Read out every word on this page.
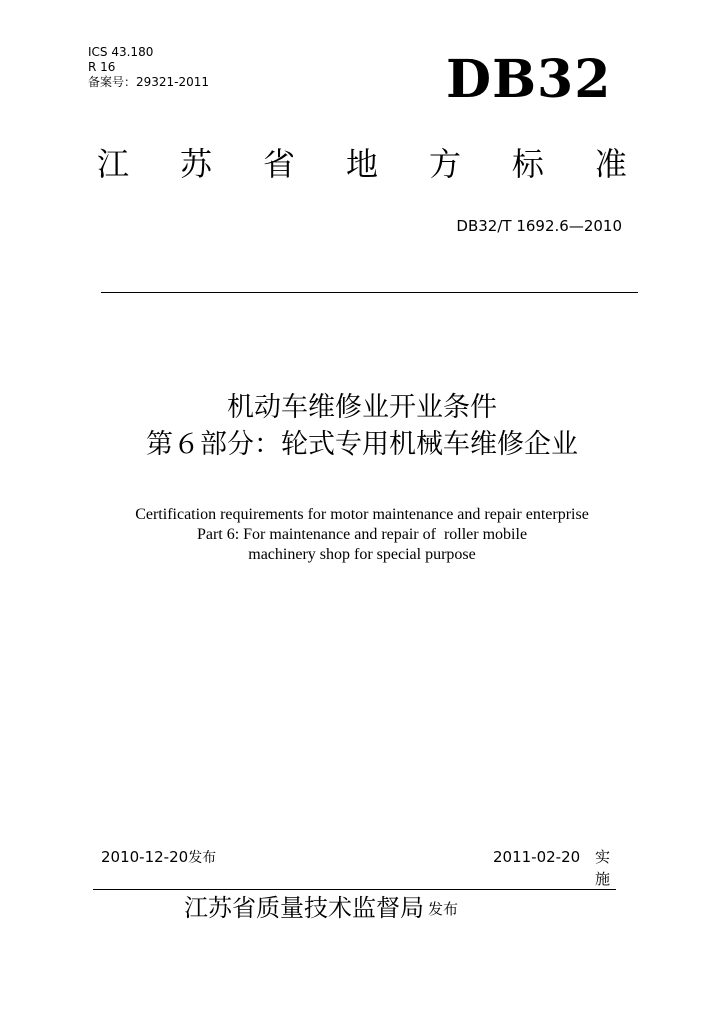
ICS 43.180
R 16
备案号：29321-2011	DB32
江 苏 省 地 方 标 准
DB32/T 1692.6—2010
机动车维修业开业条件
第６部分：轮式专用机械车维修企业
Certification requirements for motor maintenance and repair enterprise
Part 6: For maintenance and repair of  roller mobile
machinery shop for special purpose
2010-12-20发布	2011-02-20 实施
江苏省质量技术监督局 发布
